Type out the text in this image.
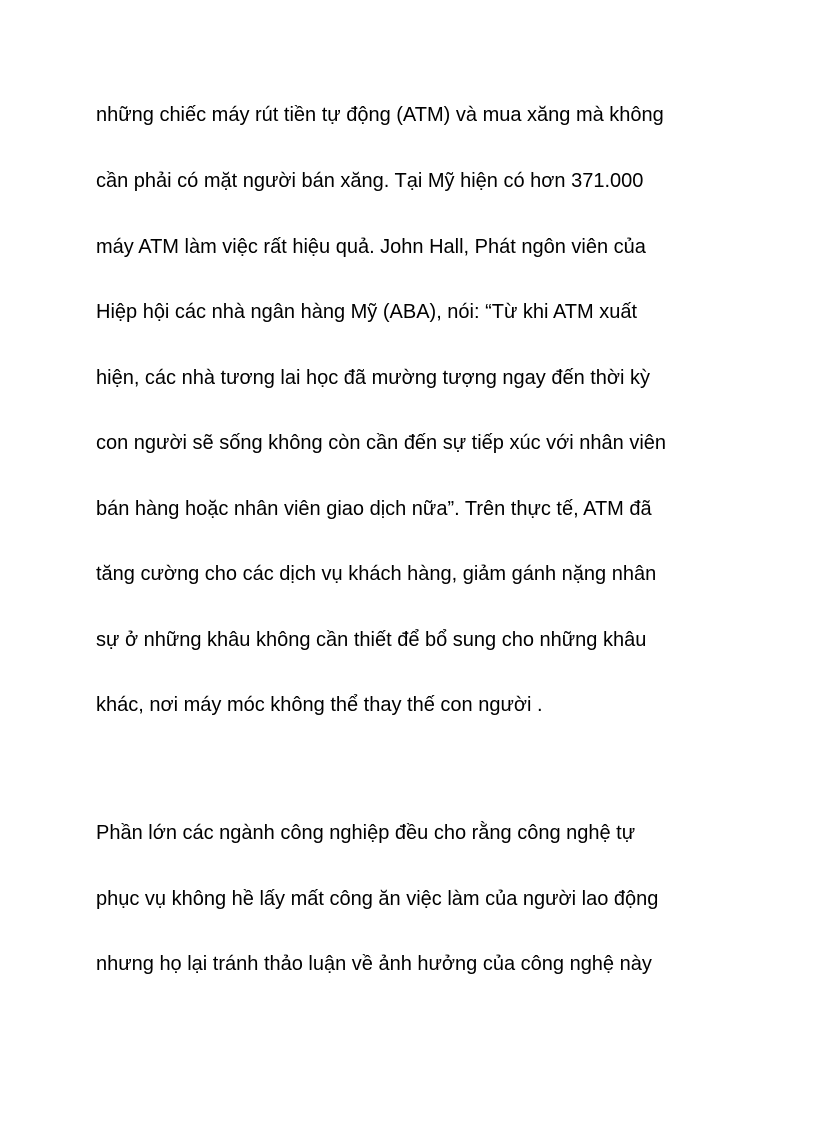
những chiếc máy rút tiền tự động (ATM) và mua xăng mà không

cần phải có mặt người bán xăng. Tại Mỹ hiện có hơn 371.000

máy ATM làm việc rất hiệu quả. John Hall, Phát ngôn viên của

Hiệp hội các nhà ngân hàng Mỹ (ABA), nói: “Từ khi ATM xuất

hiện, các nhà tương lai học đã mường tượng ngay đến thời kỳ

con người sẽ sống không còn cần đến sự tiếp xúc với nhân viên

bán hàng hoặc nhân viên giao dịch nữa”. Trên thực tế, ATM đã

tăng cường cho các dịch vụ khách hàng, giảm gánh nặng nhân

sự ở những khâu không cần thiết để bổ sung cho những khâu

khác, nơi máy móc không thể thay thế con người .

Phần lớn các ngành công nghiệp đều cho rằng công nghệ tự

phục vụ không hề lấy mất công ăn việc làm của người lao động

nhưng họ lại tránh thảo luận về ảnh hưởng của công nghệ này
